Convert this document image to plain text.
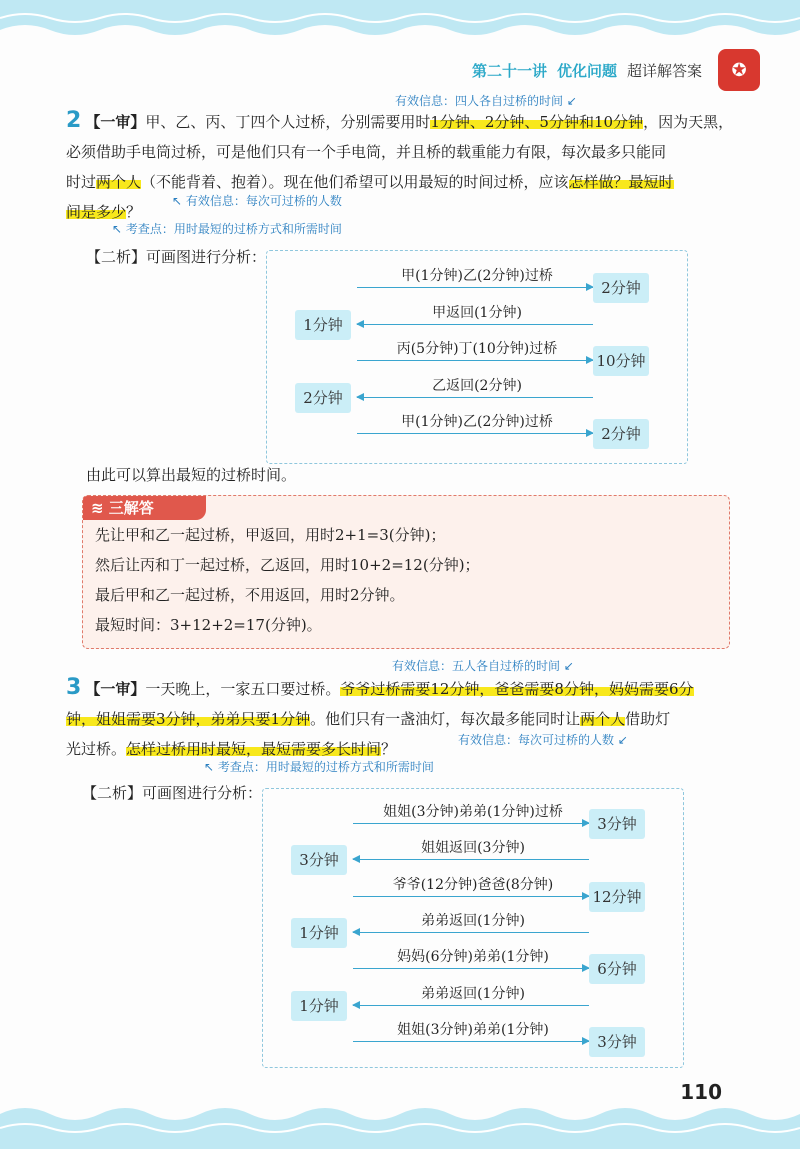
第二十一讲 优化问题 超详解答案	✪
有效信息：四人各自过桥的时间 ↙
2 【一审】甲、乙、丙、丁四个人过桥，分别需要用时1分钟、2分钟、5分钟和10分钟，因为天黑，
必须借助手电筒过桥，可是他们只有一个手电筒，并且桥的载重能力有限，每次最多只能同
时过两个人（不能背着、抱着）。现在他们希望可以用最短的时间过桥，应该怎样做？最短时
间是多少？
↖ 有效信息：每次可过桥的人数
↖ 考查点：用时最短的过桥方式和所需时间
【二析】可画图进行分析：
甲(1分钟)乙(2分钟)过桥
2分钟
甲返回(1分钟)
1分钟
丙(5分钟)丁(10分钟)过桥
10分钟
乙返回(2分钟)
2分钟
甲(1分钟)乙(2分钟)过桥
2分钟
由此可以算出最短的过桥时间。
≋ 三解答
先让甲和乙一起过桥，甲返回，用时2+1=3(分钟)；
然后让丙和丁一起过桥，乙返回，用时10+2=12(分钟)；
最后甲和乙一起过桥，不用返回，用时2分钟。
最短时间：3+12+2=17(分钟)。
有效信息：五人各自过桥的时间 ↙
3 【一审】一天晚上，一家五口要过桥。爷爷过桥需要12分钟，爸爸需要8分钟，妈妈需要6分
钟，姐姐需要3分钟，弟弟只要1分钟。他们只有一盏油灯，每次最多能同时让两个人借助灯
光过桥。怎样过桥用时最短，最短需要多长时间？	有效信息：每次可过桥的人数 ↙
↖ 考查点：用时最短的过桥方式和所需时间
【二析】可画图进行分析：
姐姐(3分钟)弟弟(1分钟)过桥
3分钟
姐姐返回(3分钟)
3分钟
爷爷(12分钟)爸爸(8分钟)
12分钟
弟弟返回(1分钟)
1分钟
妈妈(6分钟)弟弟(1分钟)
6分钟
弟弟返回(1分钟)
1分钟
姐姐(3分钟)弟弟(1分钟)
3分钟
110
